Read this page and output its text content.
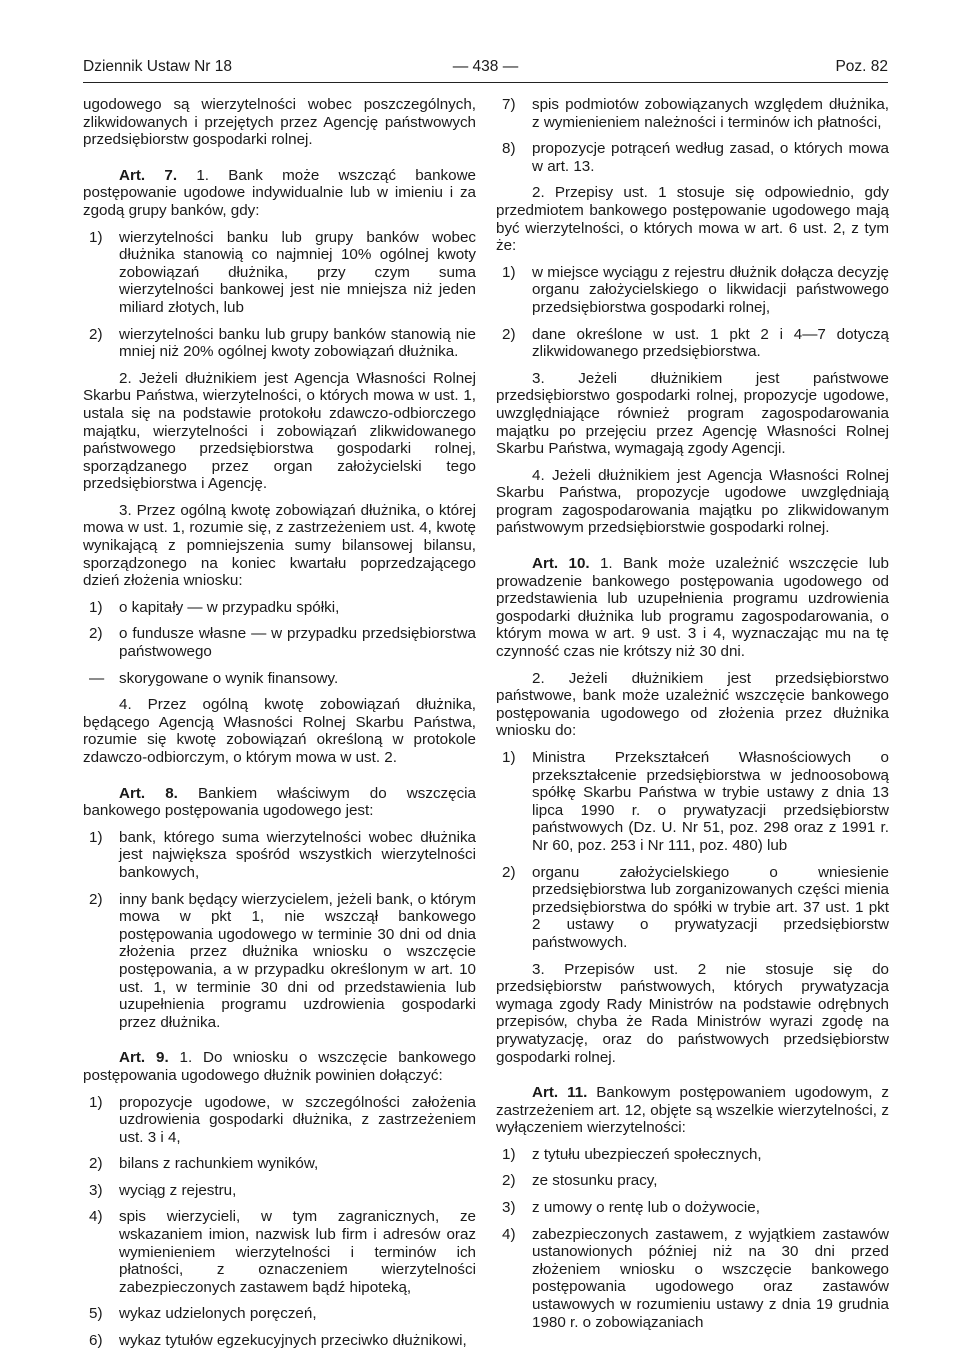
Dziennik Ustaw Nr 18	— 438 —	Poz. 82

ugodowego są wierzytelności wobec poszczególnych, zlikwidowanych i przejętych przez Agencję państwowych przedsiębiorstw gospodarki rolnej.

Art. 7. 1. Bank może wszcząć bankowe postępowanie ugodowe indywidualnie lub w imieniu i za zgodą grupy banków, gdy:

1) wierzytelności banku lub grupy banków wobec dłużnika stanowią co najmniej 10% ogólnej kwoty zobowiązań dłużnika, przy czym suma wierzytelności bankowej jest nie mniejsza niż jeden miliard złotych, lub
2) wierzytelności banku lub grupy banków stanowią nie mniej niż 20% ogólnej kwoty zobowiązań dłużnika.

2. Jeżeli dłużnikiem jest Agencja Własności Rolnej Skarbu Państwa, wierzytelności, o których mowa w ust. 1, ustala się na podstawie protokołu zdawczo-odbiorczego majątku, wierzytelności i zobowiązań zlikwidowanego państwowego przedsiębiorstwa gospodarki rolnej, sporządzanego przez organ założycielski tego przedsiębiorstwa i Agencję.

3. Przez ogólną kwotę zobowiązań dłużnika, o której mowa w ust. 1, rozumie się, z zastrzeżeniem ust. 4, kwotę wynikającą z pomniejszenia sumy bilansowej bilansu, sporządzonego na koniec kwartału poprzedzającego dzień złożenia wniosku:

1) o kapitały — w przypadku spółki,
2) o fundusze własne — w przypadku przedsiębiorstwa państwowego
— skorygowane o wynik finansowy.

4. Przez ogólną kwotę zobowiązań dłużnika, będącego Agencją Własności Rolnej Skarbu Państwa, rozumie się kwotę zobowiązań określoną w protokole zdawczo-odbiorczym, o którym mowa w ust. 2.

Art. 8. Bankiem właściwym do wszczęcia bankowego postępowania ugodowego jest:

1) bank, którego suma wierzytelności wobec dłużnika jest największa spośród wszystkich wierzytelności bankowych,
2) inny bank będący wierzycielem, jeżeli bank, o którym mowa w pkt 1, nie wszczął bankowego postępowania ugodowego w terminie 30 dni od dnia złożenia przez dłużnika wniosku o wszczęcie postępowania, a w przypadku określonym w art. 10 ust. 1, w terminie 30 dni od przedstawienia lub uzupełnienia programu uzdrowienia gospodarki przez dłużnika.

Art. 9. 1. Do wniosku o wszczęcie bankowego postępowania ugodowego dłużnik powinien dołączyć:

1) propozycje ugodowe, w szczególności założenia uzdrowienia gospodarki dłużnika, z zastrzeżeniem ust. 3 i 4,
2) bilans z rachunkiem wyników,
3) wyciąg z rejestru,
4) spis wierzycieli, w tym zagranicznych, ze wskazaniem imion, nazwisk lub firm i adresów oraz wymienieniem wierzytelności i terminów ich płatności, z oznaczeniem wierzytelności zabezpieczonych zastawem bądź hipoteką,
5) wykaz udzielonych poręczeń,
6) wykaz tytułów egzekucyjnych przeciwko dłużnikowi,
7) spis podmiotów zobowiązanych względem dłużnika, z wymienieniem należności i terminów ich płatności,
8) propozycje potrąceń według zasad, o których mowa w art. 13.

2. Przepisy ust. 1 stosuje się odpowiednio, gdy przedmiotem bankowego postępowanie ugodowego mają być wierzytelności, o których mowa w art. 6 ust. 2, z tym że:

1) w miejsce wyciągu z rejestru dłużnik dołącza decyzję organu założycielskiego o likwidacji państwowego przedsiębiorstwa gospodarki rolnej,
2) dane określone w ust. 1 pkt 2 i 4—7 dotyczą zlikwidowanego przedsiębiorstwa.

3. Jeżeli dłużnikiem jest państwowe przedsiębiorstwo gospodarki rolnej, propozycje ugodowe, uwzględniające również program zagospodarowania majątku po przejęciu przez Agencję Własności Rolnej Skarbu Państwa, wymagają zgody Agencji.

4. Jeżeli dłużnikiem jest Agencja Własności Rolnej Skarbu Państwa, propozycje ugodowe uwzględniają program zagospodarowania majątku po zlikwidowanym państwowym przedsiębiorstwie gospodarki rolnej.

Art. 10. 1. Bank może uzależnić wszczęcie lub prowadzenie bankowego postępowania ugodowego od przedstawienia lub uzupełnienia programu uzdrowienia gospodarki dłużnika lub programu zagospodarowania, o którym mowa w art. 9 ust. 3 i 4, wyznaczając mu na tę czynność czas nie krótszy niż 30 dni.

2. Jeżeli dłużnikiem jest przedsiębiorstwo państwowe, bank może uzależnić wszczęcie bankowego postępowania ugodowego od złożenia przez dłużnika wniosku do:

1) Ministra Przekształceń Własnościowych o przekształcenie przedsiębiorstwa w jednoosobową spółkę Skarbu Państwa w trybie ustawy z dnia 13 lipca 1990 r. o prywatyzacji przedsiębiorstw państwowych (Dz. U. Nr 51, poz. 298 oraz z 1991 r. Nr 60, poz. 253 i Nr 111, poz. 480) lub
2) organu założycielskiego o wniesienie przedsiębiorstwa lub zorganizowanych części mienia przedsiębiorstwa do spółki w trybie art. 37 ust. 1 pkt 2 ustawy o prywatyzacji przedsiębiorstw państwowych.

3. Przepisów ust. 2 nie stosuje się do przedsiębiorstw państwowych, których prywatyzacja wymaga zgody Rady Ministrów na podstawie odrębnych przepisów, chyba że Rada Ministrów wyrazi zgodę na prywatyzację, oraz do państwowych przedsiębiorstw gospodarki rolnej.

Art. 11. Bankowym postępowaniem ugodowym, z zastrzeżeniem art. 12, objęte są wszelkie wierzytelności, z wyłączeniem wierzytelności:

1) z tytułu ubezpieczeń społecznych,
2) ze stosunku pracy,
3) z umowy o rentę lub o dożywocie,
4) zabezpieczonych zastawem, z wyjątkiem zastawów ustanowionych później niż na 30 dni przed złożeniem wniosku o wszczęcie bankowego postępowania ugodowego oraz zastawów ustawowych w rozumieniu ustawy z dnia 19 grudnia 1980 r. o zobowiązaniach
